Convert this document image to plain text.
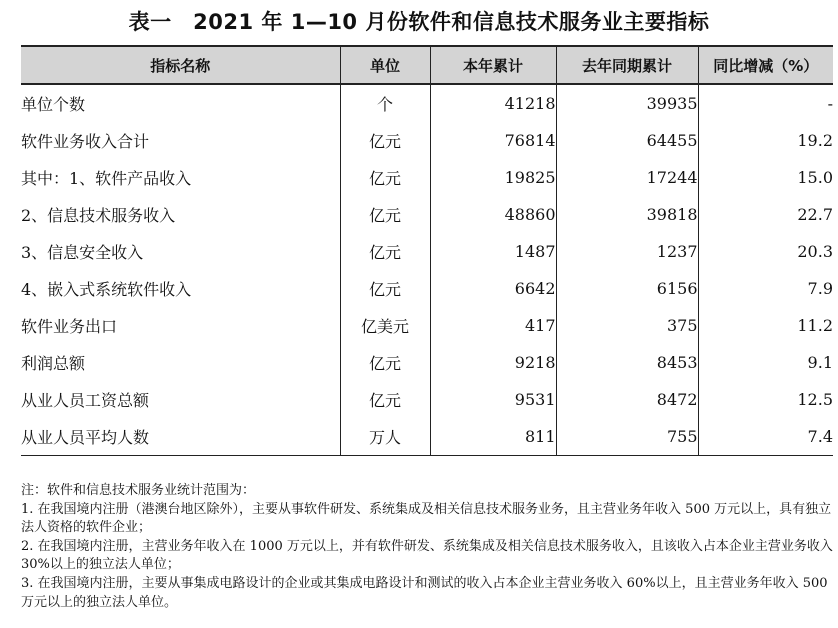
表一　2021 年 1—10 月份软件和信息技术服务业主要指标
指标名称	单位	本年累计	去年同期累计	同比增减（%）
单位个数	个	41218	39935	-
软件业务收入合计	亿元	76814	64455	19.2
其中：1、软件产品收入	亿元	19825	17244	15.0
2、信息技术服务收入	亿元	48860	39818	22.7
3、信息安全收入	亿元	1487	1237	20.3
4、嵌入式系统软件收入	亿元	6642	6156	7.9
软件业务出口	亿美元	417	375	11.2
利润总额	亿元	9218	8453	9.1
从业人员工资总额	亿元	9531	8472	12.5
从业人员平均人数	万人	811	755	7.4

注：软件和信息技术服务业统计范围为：

1. 在我国境内注册（港澳台地区除外），主要从事软件研发、系统集成及相关信息技术服务业务，且主营业务年收入 500 万元以上，具有独立法人资格的软件企业；

2. 在我国境内注册，主营业务年收入在 1000 万元以上，并有软件研发、系统集成及相关信息技术服务收入，且该收入占本企业主营业务收入 30%以上的独立法人单位；

3. 在我国境内注册，主要从事集成电路设计的企业或其集成电路设计和测试的收入占本企业主营业务收入 60%以上，且主营业务年收入 500 万元以上的独立法人单位。
